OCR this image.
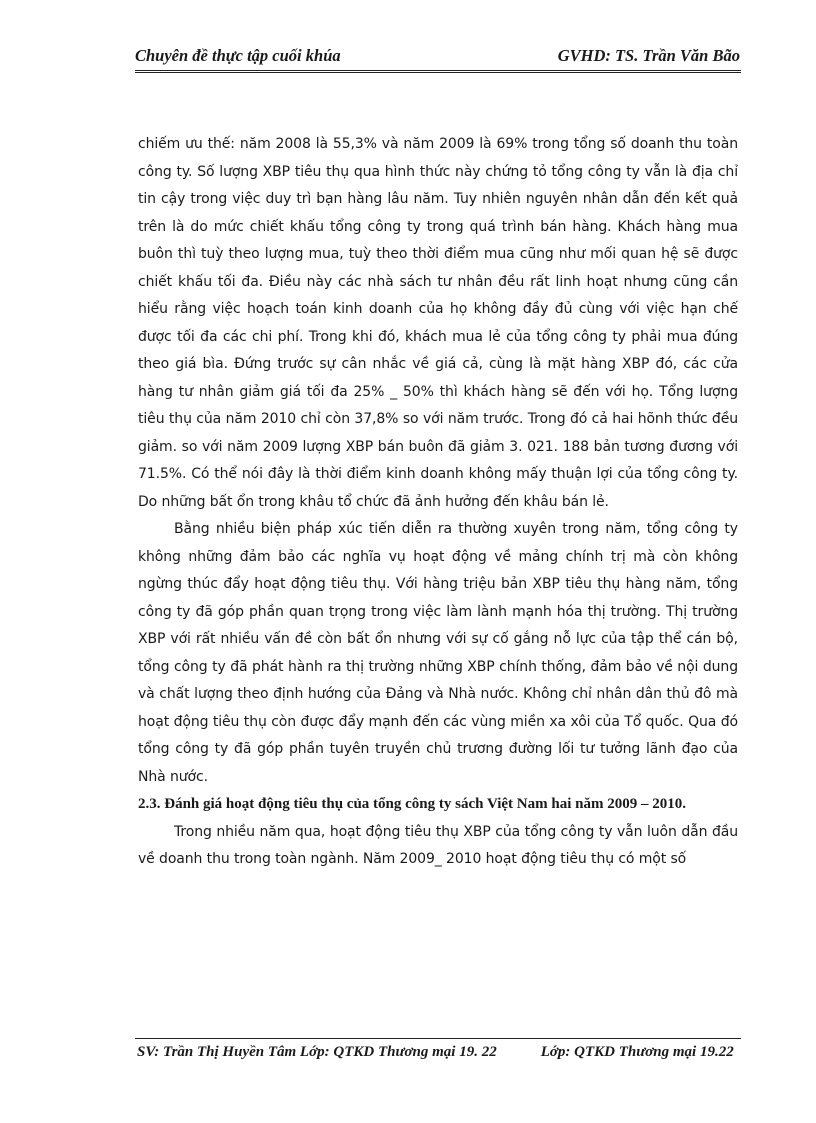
Chuyên đề thực tập cuối khúa	GVHD: TS. Trần Văn Bão

chiếm ưu thế: năm 2008 là 55,3% và năm 2009 là 69% trong tổng số doanh thu toàn công ty. Số lượng XBP tiêu thụ qua hình thức này chứng tỏ tổng công ty vẫn là địa chỉ tin cậy trong việc duy trì bạn hàng lâu năm. Tuy nhiên nguyên nhân dẫn đến kết quả trên là do mức chiết khấu tổng công ty trong quá trình bán hàng. Khách hàng mua buôn thì tuỳ theo lượng mua, tuỳ theo thời điểm mua cũng như mối quan hệ sẽ được chiết khấu tối đa. Điều này các nhà sách tư nhân đều rất linh hoạt nhưng cũng cần hiểu rằng việc hoạch toán kinh doanh của họ không đầy đủ cùng với việc hạn chế được tối đa các chi phí. Trong khi đó, khách mua lẻ của tổng công ty phải mua đúng theo giá bìa. Đứng trước sự cân nhắc về giá cả, cùng là mặt hàng XBP đó, các cửa hàng tư nhân giảm giá tối đa 25% _ 50% thì khách hàng sẽ đến với họ. Tổng lượng tiêu thụ của năm 2010 chỉ còn 37,8% so với năm trước. Trong đó cả hai hõnh thức đều giảm. so với năm 2009 lượng XBP bán buôn đã giảm 3. 021. 188 bản tương đương với 71.5%. Có thể nói đây là thời điểm kinh doanh không mấy thuận lợi của tổng công ty. Do những bất ổn trong khâu tổ chức đã ảnh hưởng đến khâu bán lẻ.

Bằng nhiều biện pháp xúc tiến diễn ra thường xuyên trong năm, tổng công ty không những đảm bảo các nghĩa vụ hoạt động về mảng chính trị mà còn không ngừng thúc đẩy hoạt động tiêu thụ. Với hàng triệu bản XBP tiêu thụ hàng năm, tổng công ty đã góp phần quan trọng trong việc làm lành mạnh hóa thị trường. Thị trường XBP với rất nhiều vấn đề còn bất ổn nhưng với sự cố gắng nỗ lực của tập thể cán bộ, tổng công ty đã phát hành ra thị trường những XBP chính thống, đảm bảo về nội dung và chất lượng theo định hướng của Đảng và Nhà nước. Không chỉ nhân dân thủ đô mà hoạt động tiêu thụ còn được đẩy mạnh đến các vùng miền xa xôi của Tổ quốc. Qua đó tổng công ty đã góp phần tuyên truyền chủ trương đường lối tư tưởng lãnh đạo của Nhà nước.

2.3. Đánh giá hoạt động tiêu thụ của tổng công ty sách Việt Nam hai năm 2009 – 2010.

Trong nhiều năm qua, hoạt động tiêu thụ XBP của tổng công ty vẫn luôn dẫn đầu về doanh thu trong toàn ngành. Năm 2009_ 2010 hoạt động tiêu thụ có một số

SV: Trần Thị Huyền Tâm Lớp: QTKD Thương mại 19. 22	Lớp: QTKD Thương mại 19.22
